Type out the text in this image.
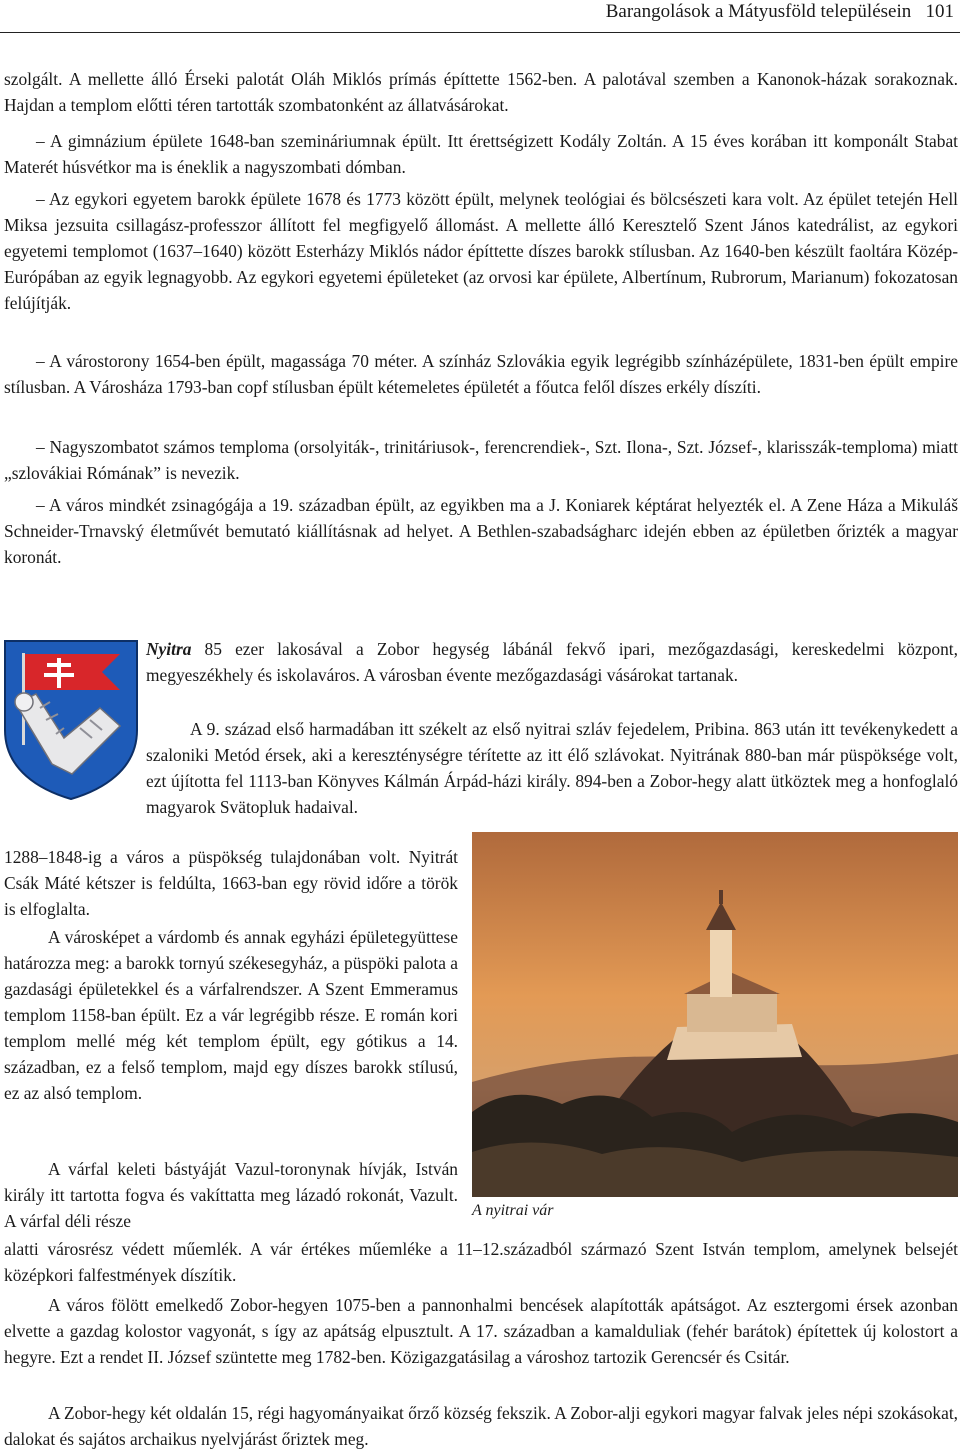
Barangolások a Mátyusföld településein 101

szolgált. A mellette álló Érseki palotát Oláh Miklós prímás építtette 1562-ben. A palotával szemben a Kanonok-házak sorakoznak. Hajdan a templom előtti téren tartották szombatonként az állatvásárokat.

– A gimnázium épülete 1648-ban szemináriumnak épült. Itt érettségizett Kodály Zoltán. A 15 éves korában itt komponált Stabat Materét húsvétkor ma is éneklik a nagyszombati dómban.

– Az egykori egyetem barokk épülete 1678 és 1773 között épült, melynek teológiai és bölcsészeti kara volt. Az épület tetején Hell Miksa jezsuita csillagász-professzor állított fel megfigyelő állomást. A mellette álló Keresztelő Szent János katedrálist, az egykori egyetemi templomot (1637–1640) között Esterházy Miklós nádor építtette díszes barokk stílusban. Az 1640-ben készült faoltára Közép-Európában az egyik legnagyobb. Az egykori egyetemi épületeket (az orvosi kar épülete, Albertínum, Rubrorum, Marianum) fokozatosan felújítják.

– A várostorony 1654-ben épült, magassága 70 méter. A színház Szlovákia egyik legrégibb színházépülete, 1831-ben épült empire stílusban. A Városháza 1793-ban copf stílusban épült kétemeletes épületét a főutca felől díszes erkély díszíti.

– Nagyszombatot számos temploma (orsolyiták-, trinitáriusok-, ferencrendiek-, Szt. Ilona-, Szt. József-, klarisszák-temploma) miatt „szlovákiai Rómának” is nevezik.

– A város mindkét zsinagógája a 19. században épült, az egyikben ma a J. Koniarek képtárat helyezték el. A Zene Háza a Mikuláš Schneider-Trnavský életművét bemutató kiállításnak ad helyet. A Bethlen-szabadságharc idején ebben az épületben őrizték a magyar koronát.

Nyitra 85 ezer lakosával a Zobor hegység lábánál fekvő ipari, mezőgazdasági, kereskedelmi központ, megyeszékhely és iskolaváros. A városban évente mezőgazdasági vásárokat tartanak.

A 9. század első harmadában itt székelt az első nyitrai szláv fejedelem, Pribina. 863 után itt tevékenykedett a szaloniki Metód érsek, aki a kereszténységre térítette az itt élő szlávokat. Nyitrának 880-ban már püspöksége volt, ezt újította fel 1113-ban Könyves Kálmán Árpád-házi király. 894-ben a Zobor-hegy alatt ütköztek meg a honfoglaló magyarok Svätopluk hadaival.

1288–1848-ig a város a püspökség tulajdonában volt. Nyitrát Csák Máté kétszer is feldúlta, 1663-ban egy rövid időre a török is elfoglalta.

A városképet a várdomb és annak egyházi épületegyüttese határozza meg: a barokk tornyú székesegyház, a püspöki palota a gazdasági épületekkel és a várfalrendszer. A Szent Emmeramus templom 1158-ban épült. Ez a vár legrégibb része. E román kori templom mellé még két templom épült, egy gótikus a 14. században, ez a felső templom, majd egy díszes barokk stílusú, ez az alsó templom.

A várfal keleti bástyáját Vazul-toronynak hívják, István király itt tartotta fogva és vakíttatta meg lázadó rokonát, Vazult. A várfal déli része

A nyitrai vár

alatti városrész védett műemlék. A vár értékes műemléke a 11–12.századból származó Szent István templom, amelynek belsejét középkori falfestmények díszítik.

A város fölött emelkedő Zobor-hegyen 1075-ben a pannonhalmi bencések alapították apátságot. Az esztergomi érsek azonban elvette a gazdag kolostor vagyonát, s így az apátság elpusztult. A 17. században a kamalduliak (fehér barátok) építettek új kolostort a hegyre. Ezt a rendet II. József szüntette meg 1782-ben. Közigazgatásilag a városhoz tartozik Gerencsér és Csitár.

A Zobor-hegy két oldalán 15, régi hagyományaikat őrző község fekszik. A Zobor-alji egykori magyar falvak jeles népi szokásokat, dalokat és sajátos archaikus nyelvjárást őriztek meg.
